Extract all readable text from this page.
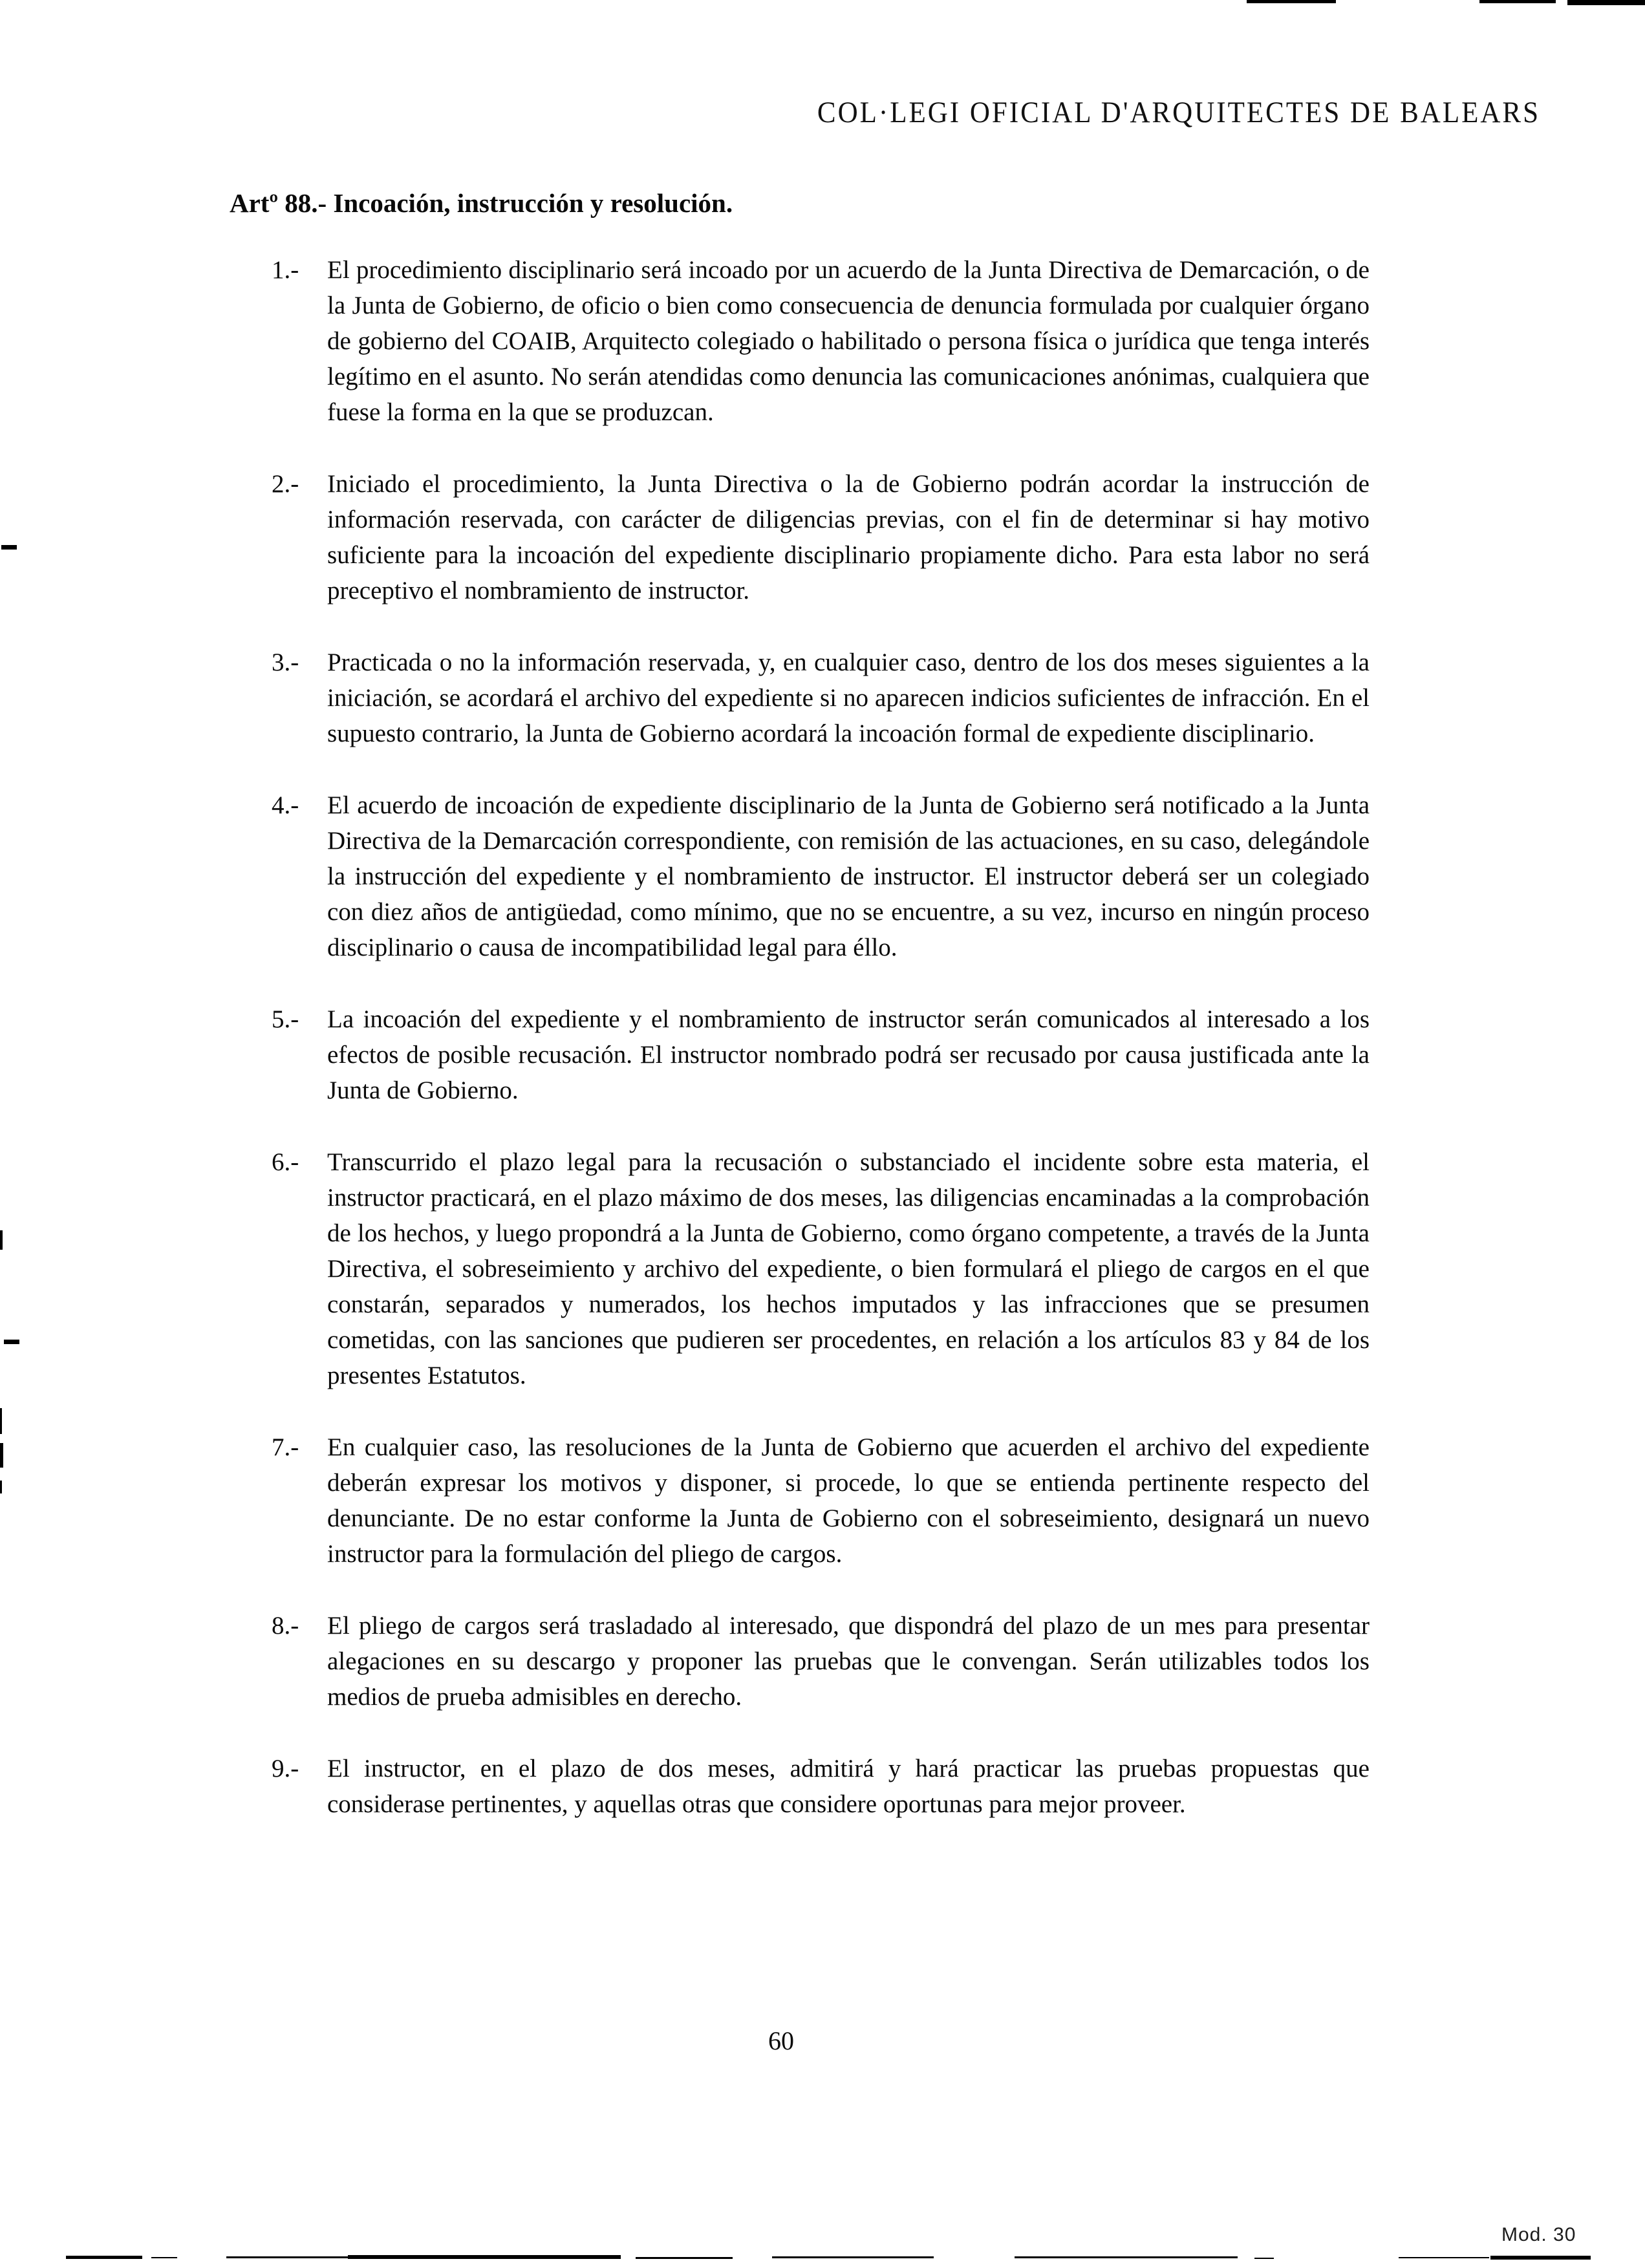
COL·LEGI OFICIAL D'ARQUITECTES DE BALEARS
Artº 88.- Incoación, instrucción y resolución.
1.-	El procedimiento disciplinario será incoado por un acuerdo de la Junta Directiva de Demarcación, o de la Junta de Gobierno, de oficio o bien como consecuencia de denuncia formulada por cualquier órgano de gobierno del COAIB, Arquitecto colegiado o habilitado o persona física o jurídica que tenga interés legítimo en el asunto. No serán atendidas como denuncia las comunicaciones anónimas, cualquiera que fuese la forma en la que se produzcan.

2.-	Iniciado el procedimiento, la Junta Directiva o la de Gobierno podrán acordar la instrucción de información reservada, con carácter de diligencias previas, con el fin de determinar si hay motivo suficiente para la incoación del expediente disciplinario propiamente dicho. Para esta labor no será preceptivo el nombramiento de instructor.

3.-	Practicada o no la información reservada, y, en cualquier caso, dentro de los dos meses siguientes a la iniciación, se acordará el archivo del expediente si no aparecen indicios suficientes de infracción. En el supuesto contrario, la Junta de Gobierno acordará la incoación formal de expediente disciplinario.

4.-	El acuerdo de incoación de expediente disciplinario de la Junta de Gobierno será notificado a la Junta Directiva de la Demarcación correspondiente, con remisión de las actuaciones, en su caso, delegándole la instrucción del expediente y el nombramiento de instructor. El instructor deberá ser un colegiado con diez años de antigüedad, como mínimo, que no se encuentre, a su vez, incurso en ningún proceso disciplinario o causa de incompatibilidad legal para éllo.

5.-	La incoación del expediente y el nombramiento de instructor serán comunicados al interesado a los efectos de posible recusación. El instructor nombrado podrá ser recusado por causa justificada ante la Junta de Gobierno.

6.-	Transcurrido el plazo legal para la recusación o substanciado el incidente sobre esta materia, el instructor practicará, en el plazo máximo de dos meses, las diligencias encaminadas a la comprobación de los hechos, y luego propondrá a la Junta de Gobierno, como órgano competente, a través de la Junta Directiva, el sobreseimiento y archivo del expediente, o bien formulará el pliego de cargos en el que constarán, separados y numerados, los hechos imputados y las infracciones que se presumen cometidas, con las sanciones que pudieren ser procedentes, en relación a los artículos 83 y 84 de los presentes Estatutos.

7.-	En cualquier caso, las resoluciones de la Junta de Gobierno que acuerden el archivo del expediente deberán expresar los motivos y disponer, si procede, lo que se entienda pertinente respecto del denunciante. De no estar conforme la Junta de Gobierno con el sobreseimiento, designará un nuevo instructor para la formulación del pliego de cargos.

8.-	El pliego de cargos será trasladado al interesado, que dispondrá del plazo de un mes para presentar alegaciones en su descargo y proponer las pruebas que le convengan. Serán utilizables todos los medios de prueba admisibles en derecho.

9.-	El instructor, en el plazo de dos meses, admitirá y hará practicar las pruebas propuestas que considerase pertinentes, y aquellas otras que considere oportunas para mejor proveer.

60
Mod. 30
